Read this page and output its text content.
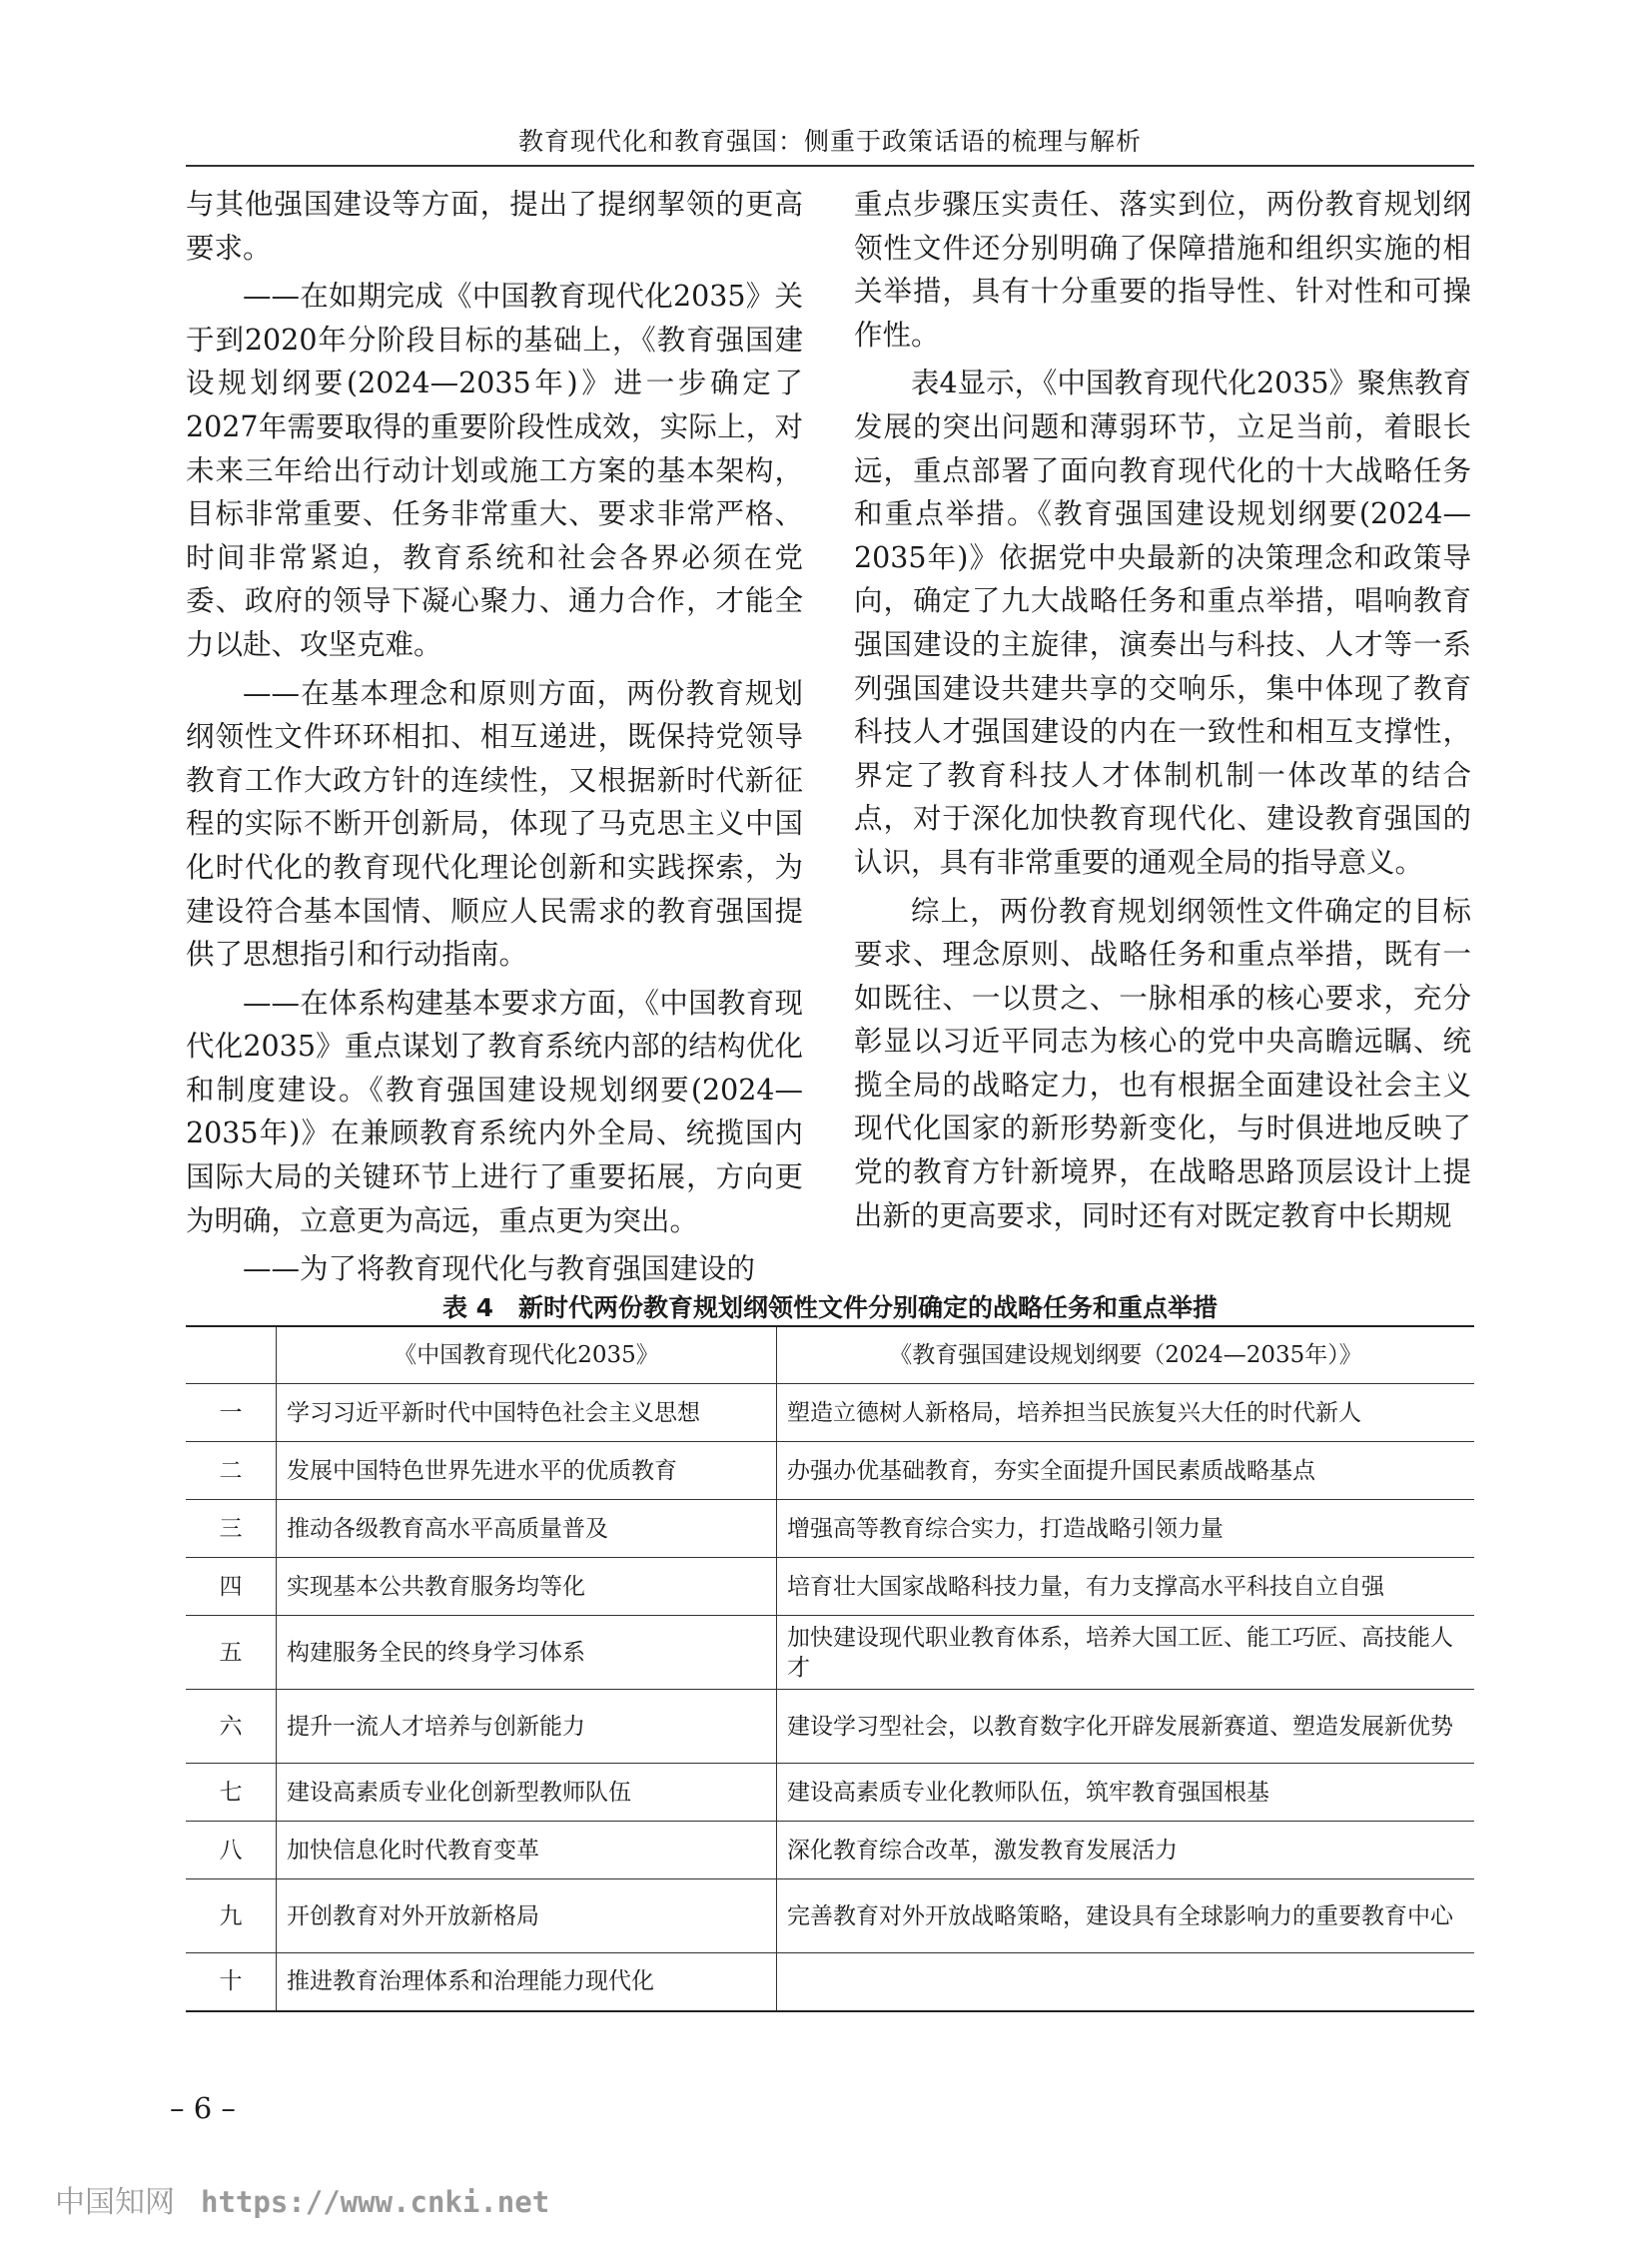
教育现代化和教育强国：侧重于政策话语的梳理与解析

与其他强国建设等方面，提出了提纲挈领的更高要求。

——在如期完成《中国教育现代化2035》关于到2020年分阶段目标的基础上，《教育强国建设规划纲要(2024—2035年)》进一步确定了2027年需要取得的重要阶段性成效，实际上，对未来三年给出行动计划或施工方案的基本架构，目标非常重要、任务非常重大、要求非常严格、时间非常紧迫，教育系统和社会各界必须在党委、政府的领导下凝心聚力、通力合作，才能全力以赴、攻坚克难。

——在基本理念和原则方面，两份教育规划纲领性文件环环相扣、相互递进，既保持党领导教育工作大政方针的连续性，又根据新时代新征程的实际不断开创新局，体现了马克思主义中国化时代化的教育现代化理论创新和实践探索，为建设符合基本国情、顺应人民需求的教育强国提供了思想指引和行动指南。

——在体系构建基本要求方面，《中国教育现代化2035》重点谋划了教育系统内部的结构优化和制度建设。《教育强国建设规划纲要(2024—2035年)》在兼顾教育系统内外全局、统揽国内国际大局的关键环节上进行了重要拓展，方向更为明确，立意更为高远，重点更为突出。

——为了将教育现代化与教育强国建设的

重点步骤压实责任、落实到位，两份教育规划纲领性文件还分别明确了保障措施和组织实施的相关举措，具有十分重要的指导性、针对性和可操作性。

表4显示，《中国教育现代化2035》聚焦教育发展的突出问题和薄弱环节，立足当前，着眼长远，重点部署了面向教育现代化的十大战略任务和重点举措。《教育强国建设规划纲要(2024—2035年)》依据党中央最新的决策理念和政策导向，确定了九大战略任务和重点举措，唱响教育强国建设的主旋律，演奏出与科技、人才等一系列强国建设共建共享的交响乐，集中体现了教育科技人才强国建设的内在一致性和相互支撑性，界定了教育科技人才体制机制一体改革的结合点，对于深化加快教育现代化、建设教育强国的认识，具有非常重要的通观全局的指导意义。

综上，两份教育规划纲领性文件确定的目标要求、理念原则、战略任务和重点举措，既有一如既往、一以贯之、一脉相承的核心要求，充分彰显以习近平同志为核心的党中央高瞻远瞩、统揽全局的战略定力，也有根据全面建设社会主义现代化国家的新形势新变化，与时俱进地反映了党的教育方针新境界，在战略思路顶层设计上提出新的更高要求，同时还有对既定教育中长期规

表 4　新时代两份教育规划纲领性文件分别确定的战略任务和重点举措
	《中国教育现代化2035》	《教育强国建设规划纲要（2024—2035年）》
一	学习习近平新时代中国特色社会主义思想	塑造立德树人新格局，培养担当民族复兴大任的时代新人
二	发展中国特色世界先进水平的优质教育	办强办优基础教育，夯实全面提升国民素质战略基点
三	推动各级教育高水平高质量普及	增强高等教育综合实力，打造战略引领力量
四	实现基本公共教育服务均等化	培育壮大国家战略科技力量，有力支撑高水平科技自立自强
五	构建服务全民的终身学习体系	加快建设现代职业教育体系，培养大国工匠、能工巧匠、高技能人才
六	提升一流人才培养与创新能力	建设学习型社会，以教育数字化开辟发展新赛道、塑造发展新优势
七	建设高素质专业化创新型教师队伍	建设高素质专业化教师队伍，筑牢教育强国根基
八	加快信息化时代教育变革	深化教育综合改革，激发教育发展活力
九	开创教育对外开放新格局	完善教育对外开放战略策略，建设具有全球影响力的重要教育中心
十	推进教育治理体系和治理能力现代化	
– 6 –
中国知网 https://www.cnki.net
